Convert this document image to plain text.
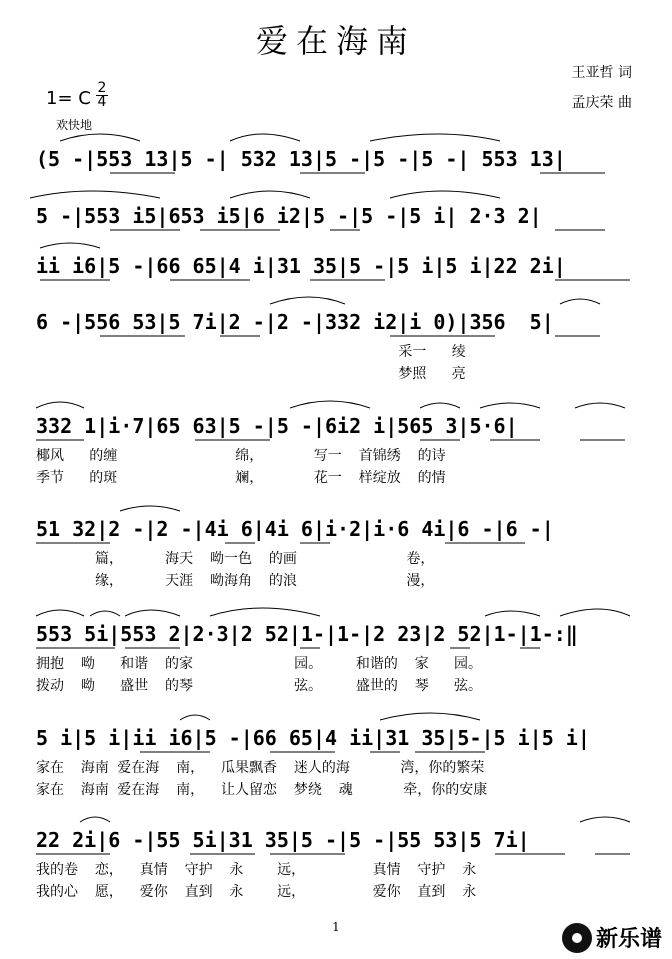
爱在海南
王亚哲 词
孟庆荣 曲
1= C $\frac{2}{4}$
欢快地
(5 -|553 13|5 -| 532 13|5 -|5 -|5 -| 553 13|
5 -|553 i5|653 i5|6 i2|5 -|5 -|5 i| 2·3 2|
ii i6|5 -|66 65|4 i|31 35|5 -|5 i|5 i|22 2i|
6 -|556 53|5 7i|2 -|2 -|332 i2|i 0)|356  5|
采一   绫
梦照   亮
332 1|i·7|65 63|5 -|5 -|6i2 i|565 3|5·6|
椰风   的缠              绵，      写一  首锦绣  的诗
季节   的斑              斓，      花一  样绽放  的情
51 32|2 -|2 -|4i 6|4i 6|i·2|i·6 4i|6 -|6 -|
篇，     海天  呦一色  的画             卷，
缘，     天涯  呦海角  的浪             漫，
553 5i|553 2|2·3|2 52|1-|1-|2 23|2 52|1-|1-:‖
拥抱  呦   和谐  的家            园。    和谐的  家   园。
拨动  呦   盛世  的琴            弦。    盛世的  琴   弦。
5 i|5 i|ii i6|5 -|66 65|4 ii|31 35|5-|5 i|5 i|
家在  海南 爱在海  南，  瓜果飘香  迷人的海      湾，你的繁荣
家在  海南 爱在海  南，  让人留恋  梦绕  魂      牵，你的安康
22 2i|6 -|55 5i|31 35|5 -|5 -|55 53|5 7i|
我的卷  恋，  真情  守护  永    远，        真情  守护  永
我的心  愿，  爱你  直到  永    远，        爱你  直到  永
1	新乐谱
